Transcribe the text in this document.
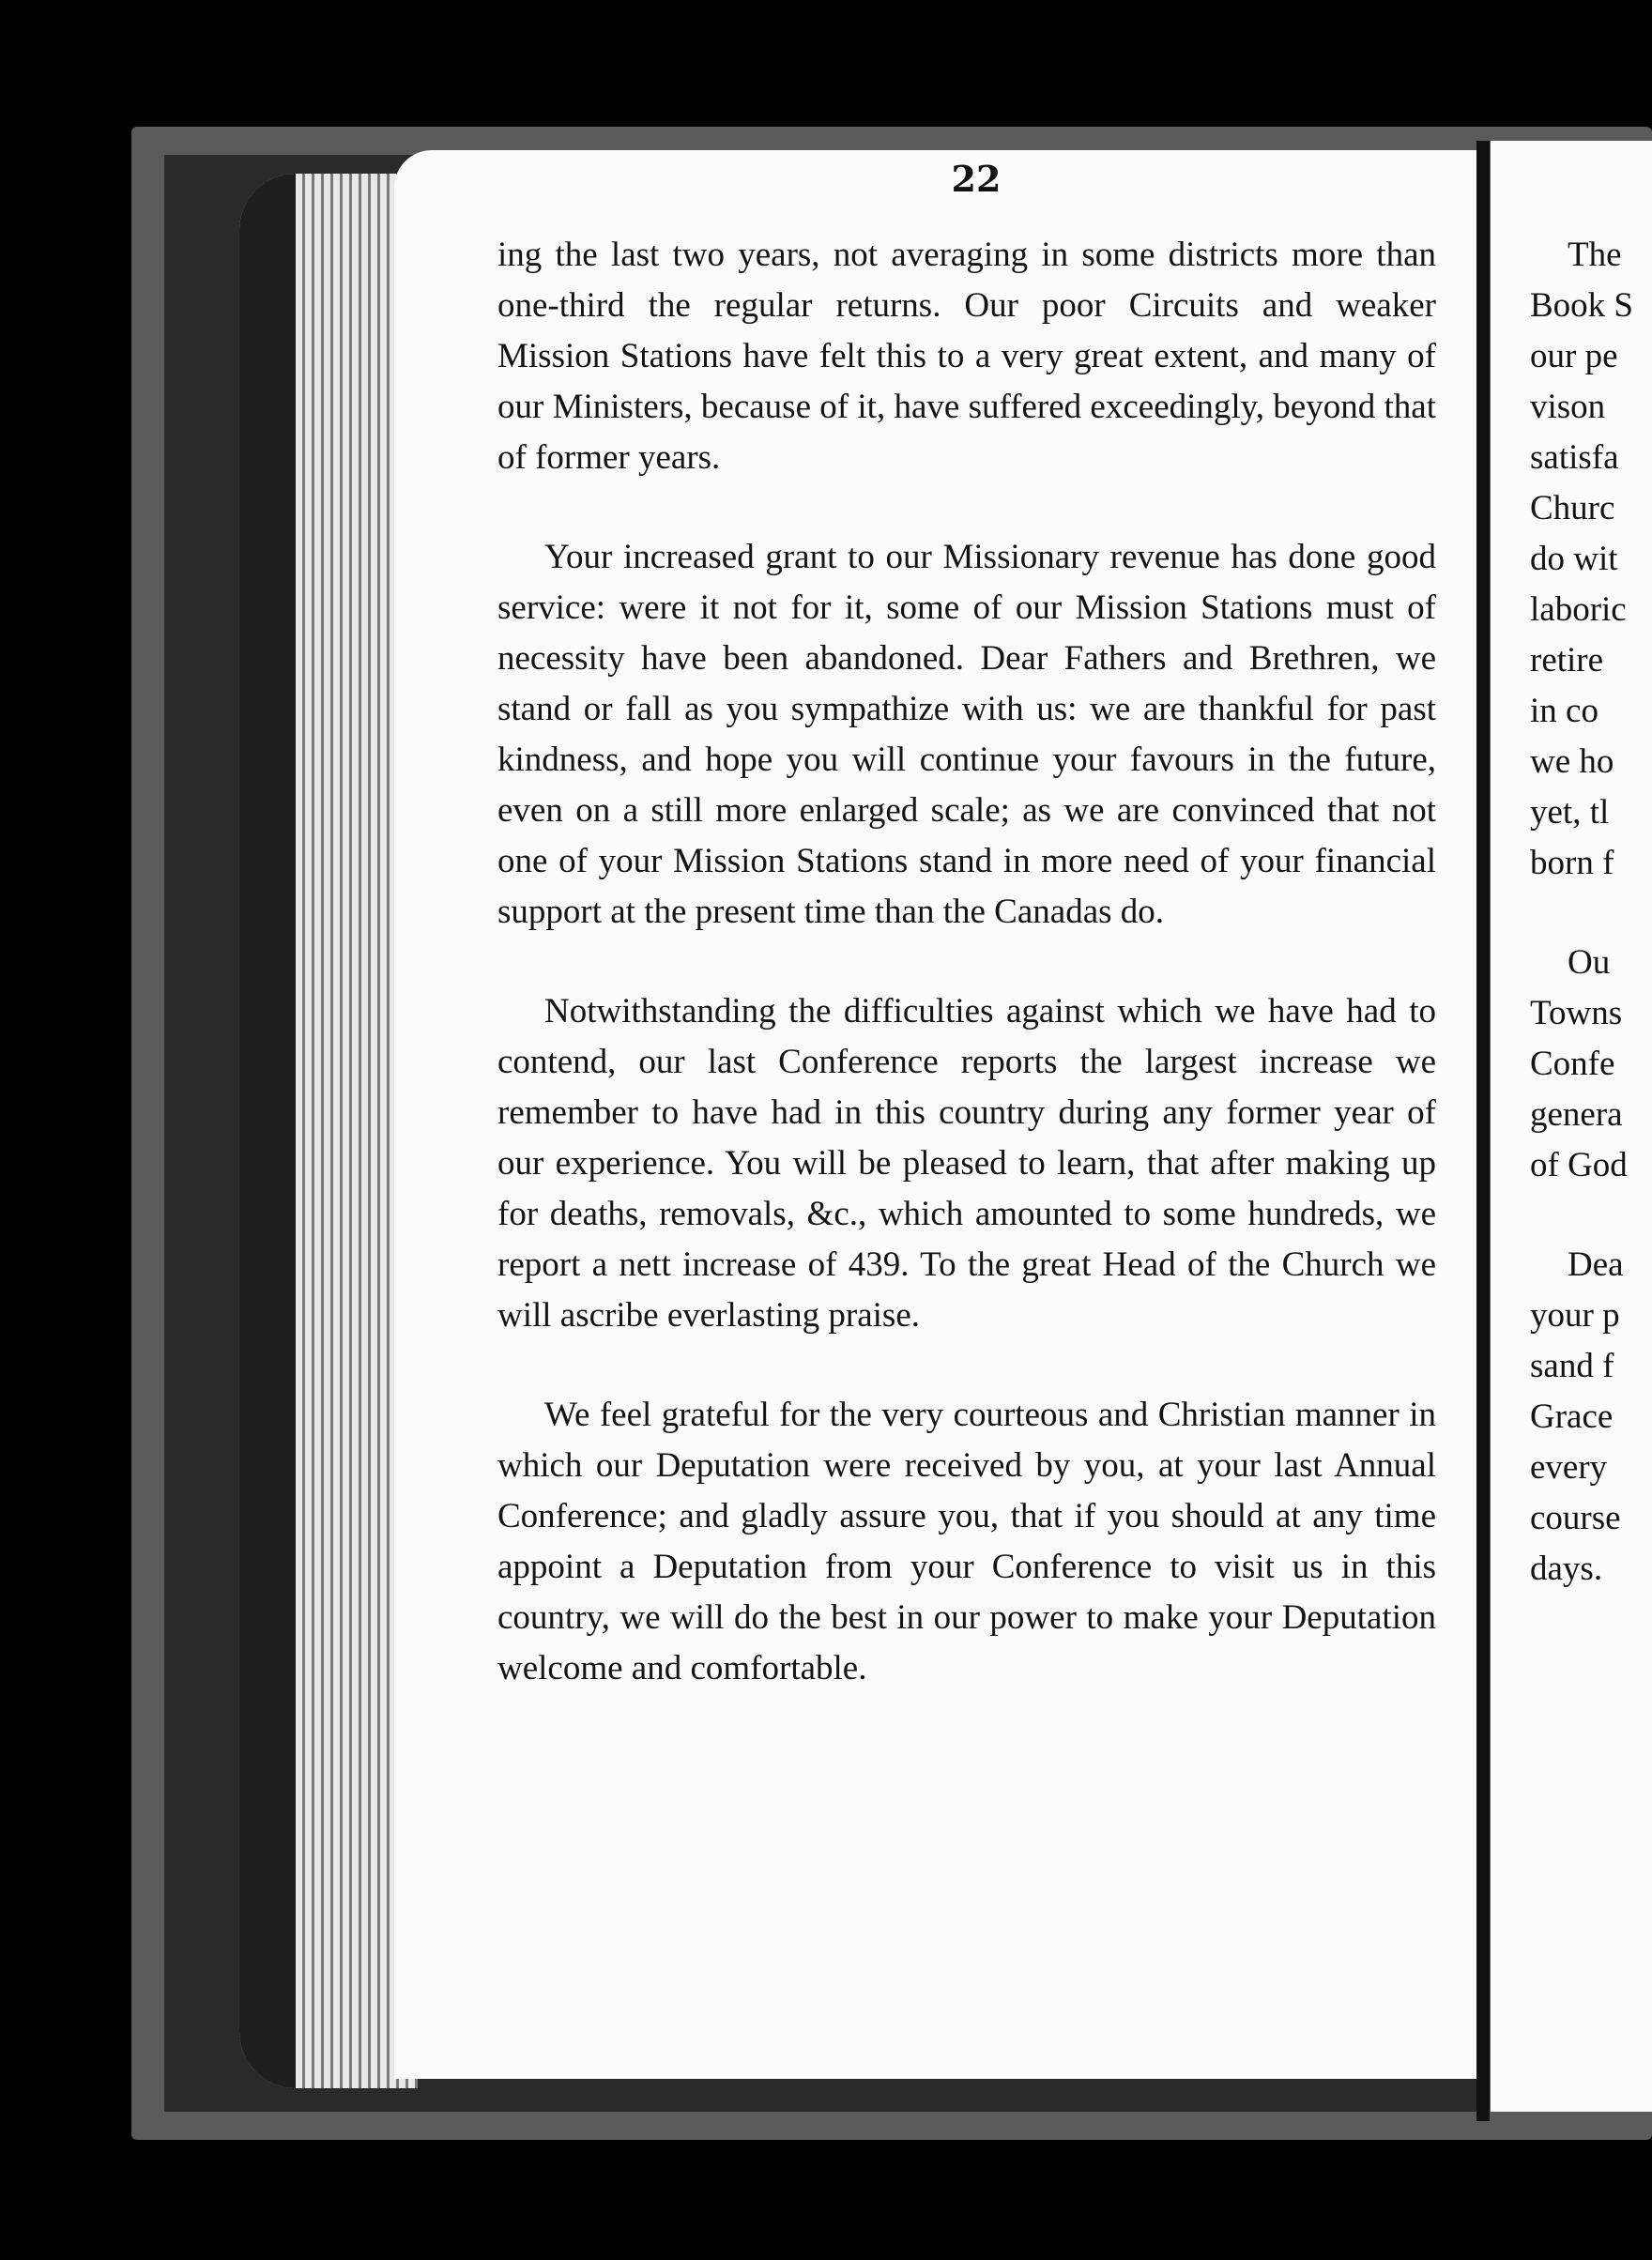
22

ing the last two years, not averaging in some districts more than one-third the regular returns. Our poor Circuits and weaker Mission Stations have felt this to a very great extent, and many of our Ministers, because of it, have suffered exceedingly, beyond that of former years.

Your increased grant to our Missionary revenue has done good service: were it not for it, some of our Mission Stations must of necessity have been abandoned. Dear Fathers and Brethren, we stand or fall as you sympathize with us: we are thankful for past kindness, and hope you will continue your favours in the future, even on a still more enlarged scale; as we are convinced that not one of your Mission Stations stand in more need of your financial support at the present time than the Canadas do.

Notwithstanding the difficulties against which we have had to contend, our last Conference reports the largest increase we remember to have had in this country during any former year of our experience. You will be pleased to learn, that after making up for deaths, removals, &c., which amounted to some hundreds, we report a nett increase of 439. To the great Head of the Church we will ascribe everlasting praise.

We feel grateful for the very courteous and Christian manner in which our Deputation were received by you, at your last Annual Conference; and gladly assure you, that if you should at any time appoint a Deputation from your Conference to visit us in this country, we will do the best in our power to make your Deputation welcome and comfortable.

The
Book S
our pe
vison
satisfa
Churc
do wit
laboric
retire
in co
we ho
yet, tl
born f
Ou
Towns
Confe
genera
of God
Dea
your p
sand f
Grace
every
course
days.
